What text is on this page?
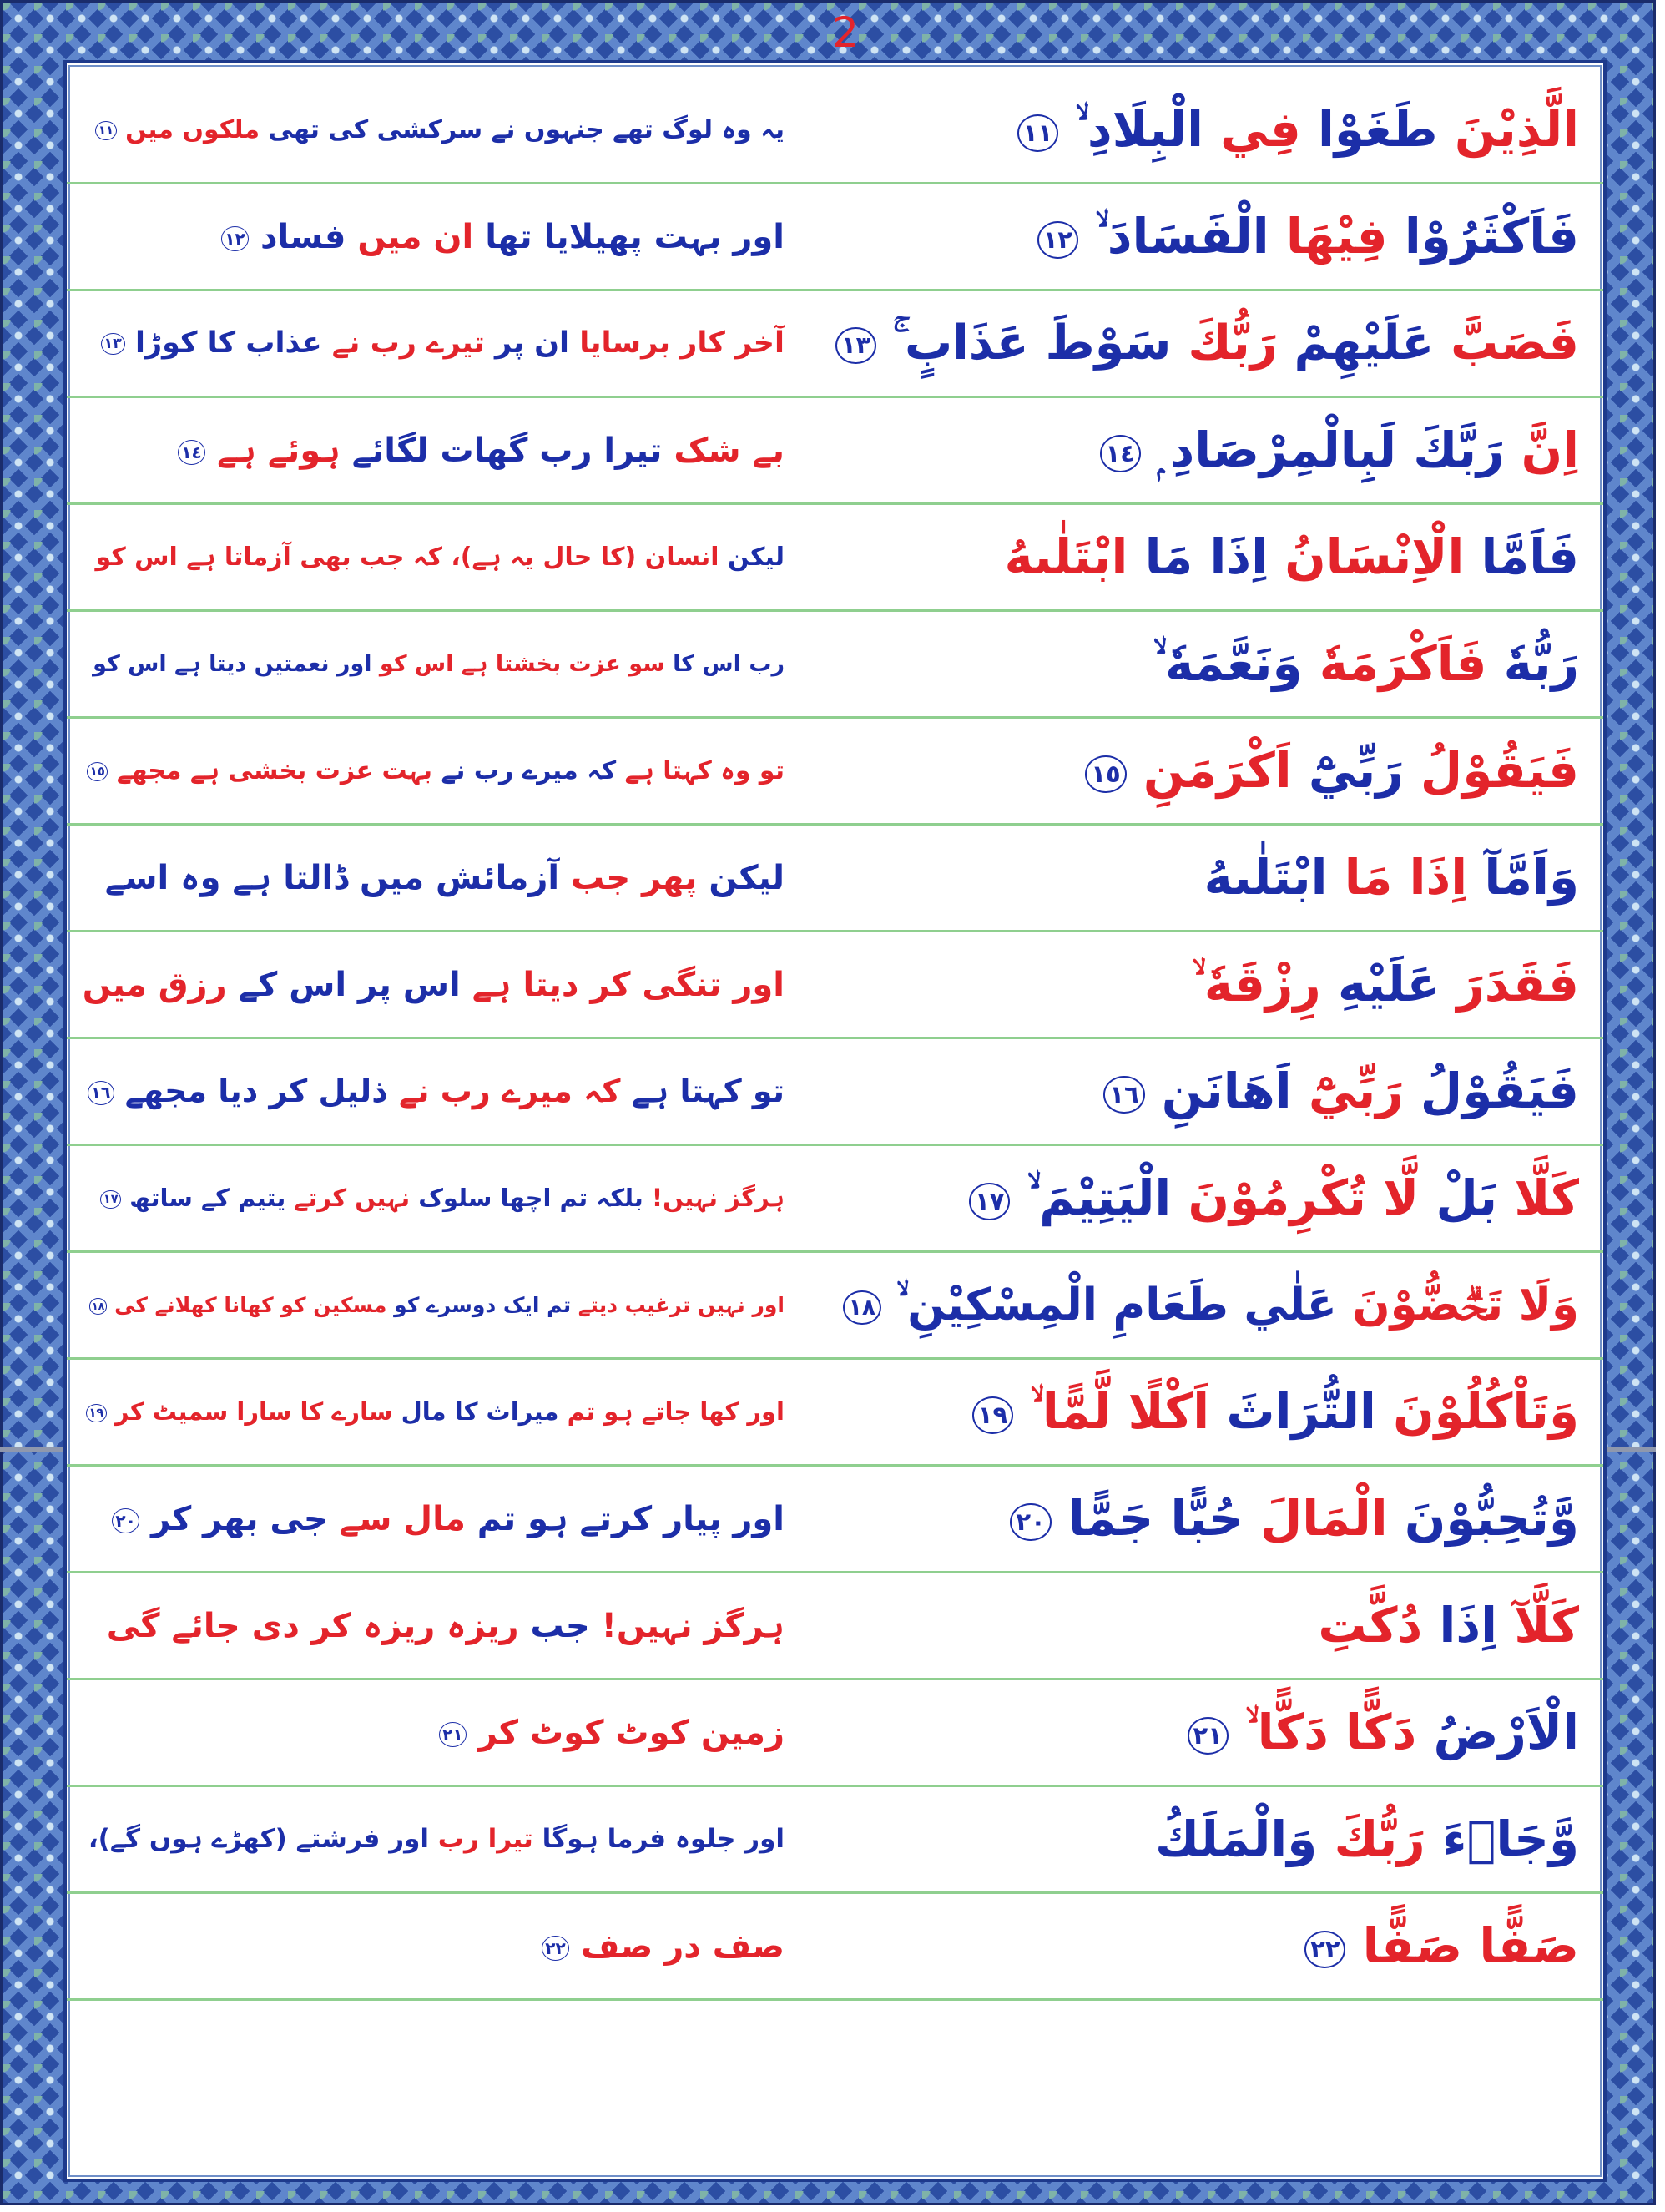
2
یہ وہ لوگ تھے جنہوں نے سرکشی کی تھی ملکوں میں ١١	الَّذِيْنَ طَغَوْا فِي الْبِلَادِ ۙ ١١
اور بہت پھیلایا تھا ان میں فساد ١٢	فَاَكْثَرُوْا فِيْهَا الْفَسَادَ ۙ ١٢
آخر کار برسایا ان پر تیرے رب نے عذاب کا کوڑا ١٣	فَصَبَّ عَلَيْهِمْ رَبُّكَ سَوْطَ عَذَابٍ ۚ ١٣
بے شک تیرا رب گھات لگائے ہوئے ہے ١٤	اِنَّ رَبَّكَ لَبِالْمِرْصَادِ ۭ ١٤
لیکن انسان (کا حال یہ ہے)، کہ جب بھی آزماتا ہے اس کو	فَاَمَّا الْاِنْسَانُ اِذَا مَا ابْتَلٰىهُ
رب اس کا سو عزت بخشتا ہے اس کو اور نعمتیں دیتا ہے اس کو	رَبُّهٗ فَاَكْرَمَهٗ وَنَعَّمَهٗ ۙ
تو وہ کہتا ہے کہ میرے رب نے بہت عزت بخشی ہے مجھے ١٥	فَيَقُوْلُ رَبِّيْٓ اَكْرَمَنِ ١٥
لیکن پھر جب آزمائش میں ڈالتا ہے وہ اسے	وَاَمَّآ اِذَا مَا ابْتَلٰىهُ
اور تنگی کر دیتا ہے اس پر اس کے رزق میں	فَقَدَرَ عَلَيْهِ رِزْقَهٗ ۙ
تو کہتا ہے کہ میرے رب نے ذلیل کر دیا مجھے ١٦	فَيَقُوْلُ رَبِّيْٓ اَهَانَنِ ١٦
ہرگز نہیں! بلکہ تم اچھا سلوک نہیں کرتے یتیم کے ساتھ ١٧	كَلَّا بَلْ لَّا تُكْرِمُوْنَ الْيَتِيْمَ ۙ ١٧
اور نہیں ترغیب دیتے تم ایک دوسرے کو مسکین کو کھانا کھلانے کی ١٨	وَلَا تَحٰۗضُّوْنَ عَلٰي طَعَامِ الْمِسْكِيْنِ ۙ ١٨
اور کھا جاتے ہو تم میراث کا مال سارے کا سارا سمیٹ کر ١٩	وَتَاْكُلُوْنَ التُّرَاثَ اَكْلًا لَّمًّا ۙ ١٩
اور پیار کرتے ہو تم مال سے جی بھر کر ٢٠	وَّتُحِبُّوْنَ الْمَالَ حُبًّا جَمًّا ٢٠
ہرگز نہیں! جب ریزہ ریزہ کر دی جائے گی	كَلَّآ اِذَا دُكَّتِ
زمین کوٹ کوٹ کر ٢١	الْاَرْضُ دَكًّا دَكًّا ۙ ٢١
اور جلوہ فرما ہوگا تیرا رب اور فرشتے (کھڑے ہوں گے)،	وَّجَاۗءَ رَبُّكَ وَالْمَلَكُ
صف در صف ٢٢	صَفًّا صَفًّا ٢٢
